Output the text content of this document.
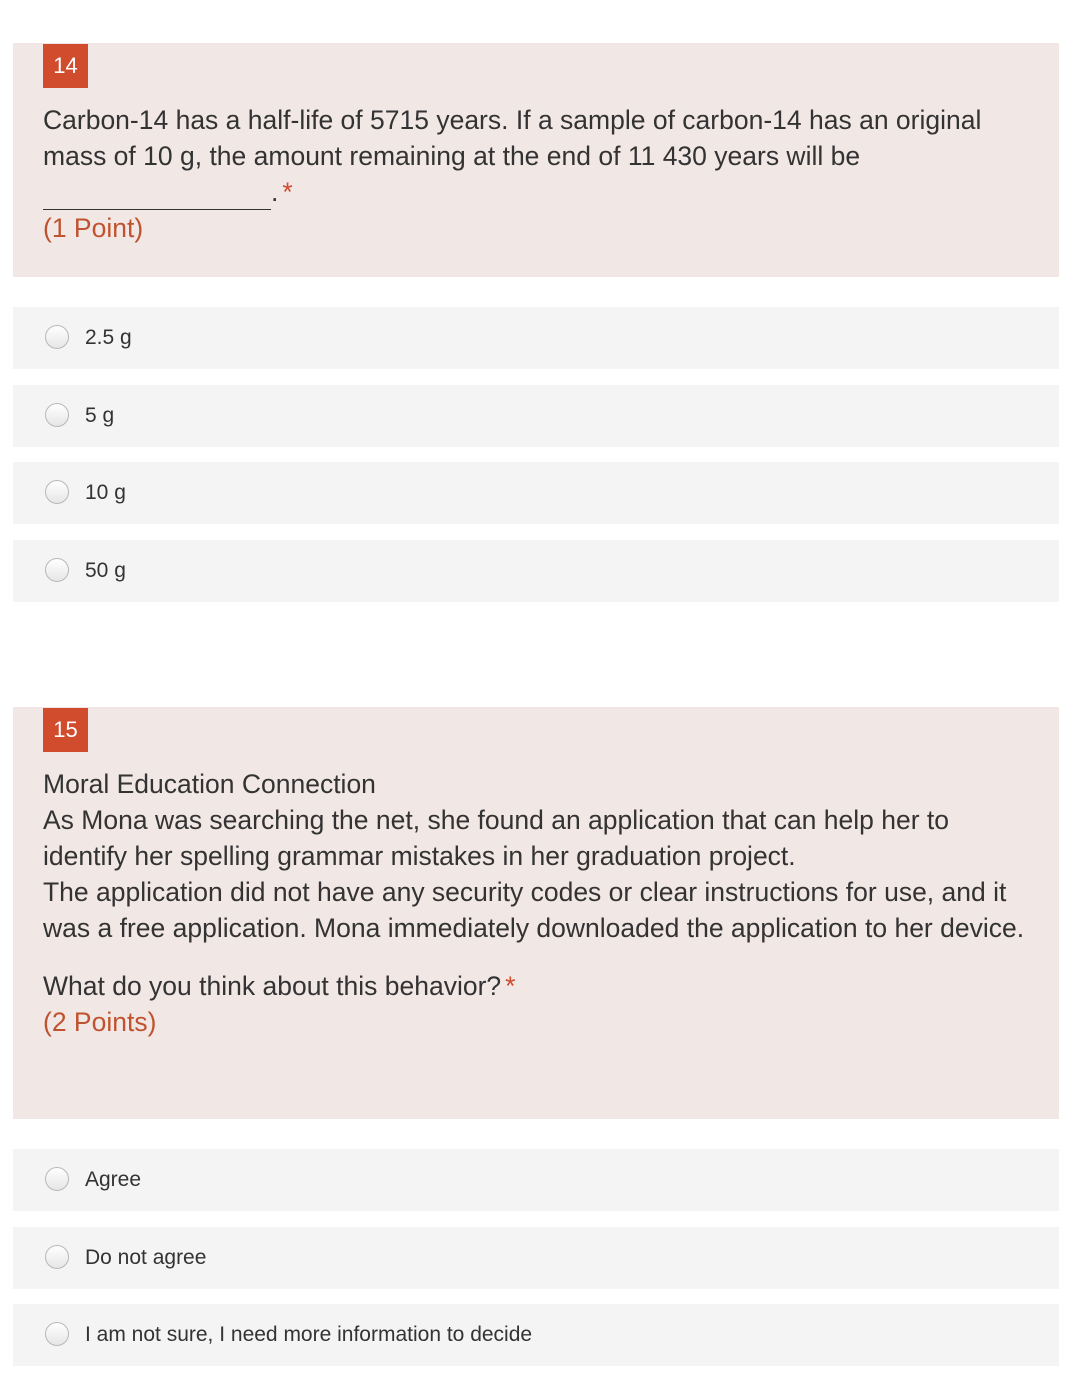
14
Carbon-14 has a half-life of 5715 years. If a sample of carbon-14 has an original mass of 10 g, the amount remaining at the end of 11 430 years will be
. *
(1 Point)
2.5 g
5 g
10 g
50 g
15
Moral Education Connection
As Mona was searching the net, she found an application that can help her to identify her spelling grammar mistakes in her graduation project.
The application did not have any security codes or clear instructions for use, and it was a free application. Mona immediately downloaded the application to her device.
What do you think about this behavior? *
(2 Points)
Agree
Do not agree
I am not sure, I need more information to decide
